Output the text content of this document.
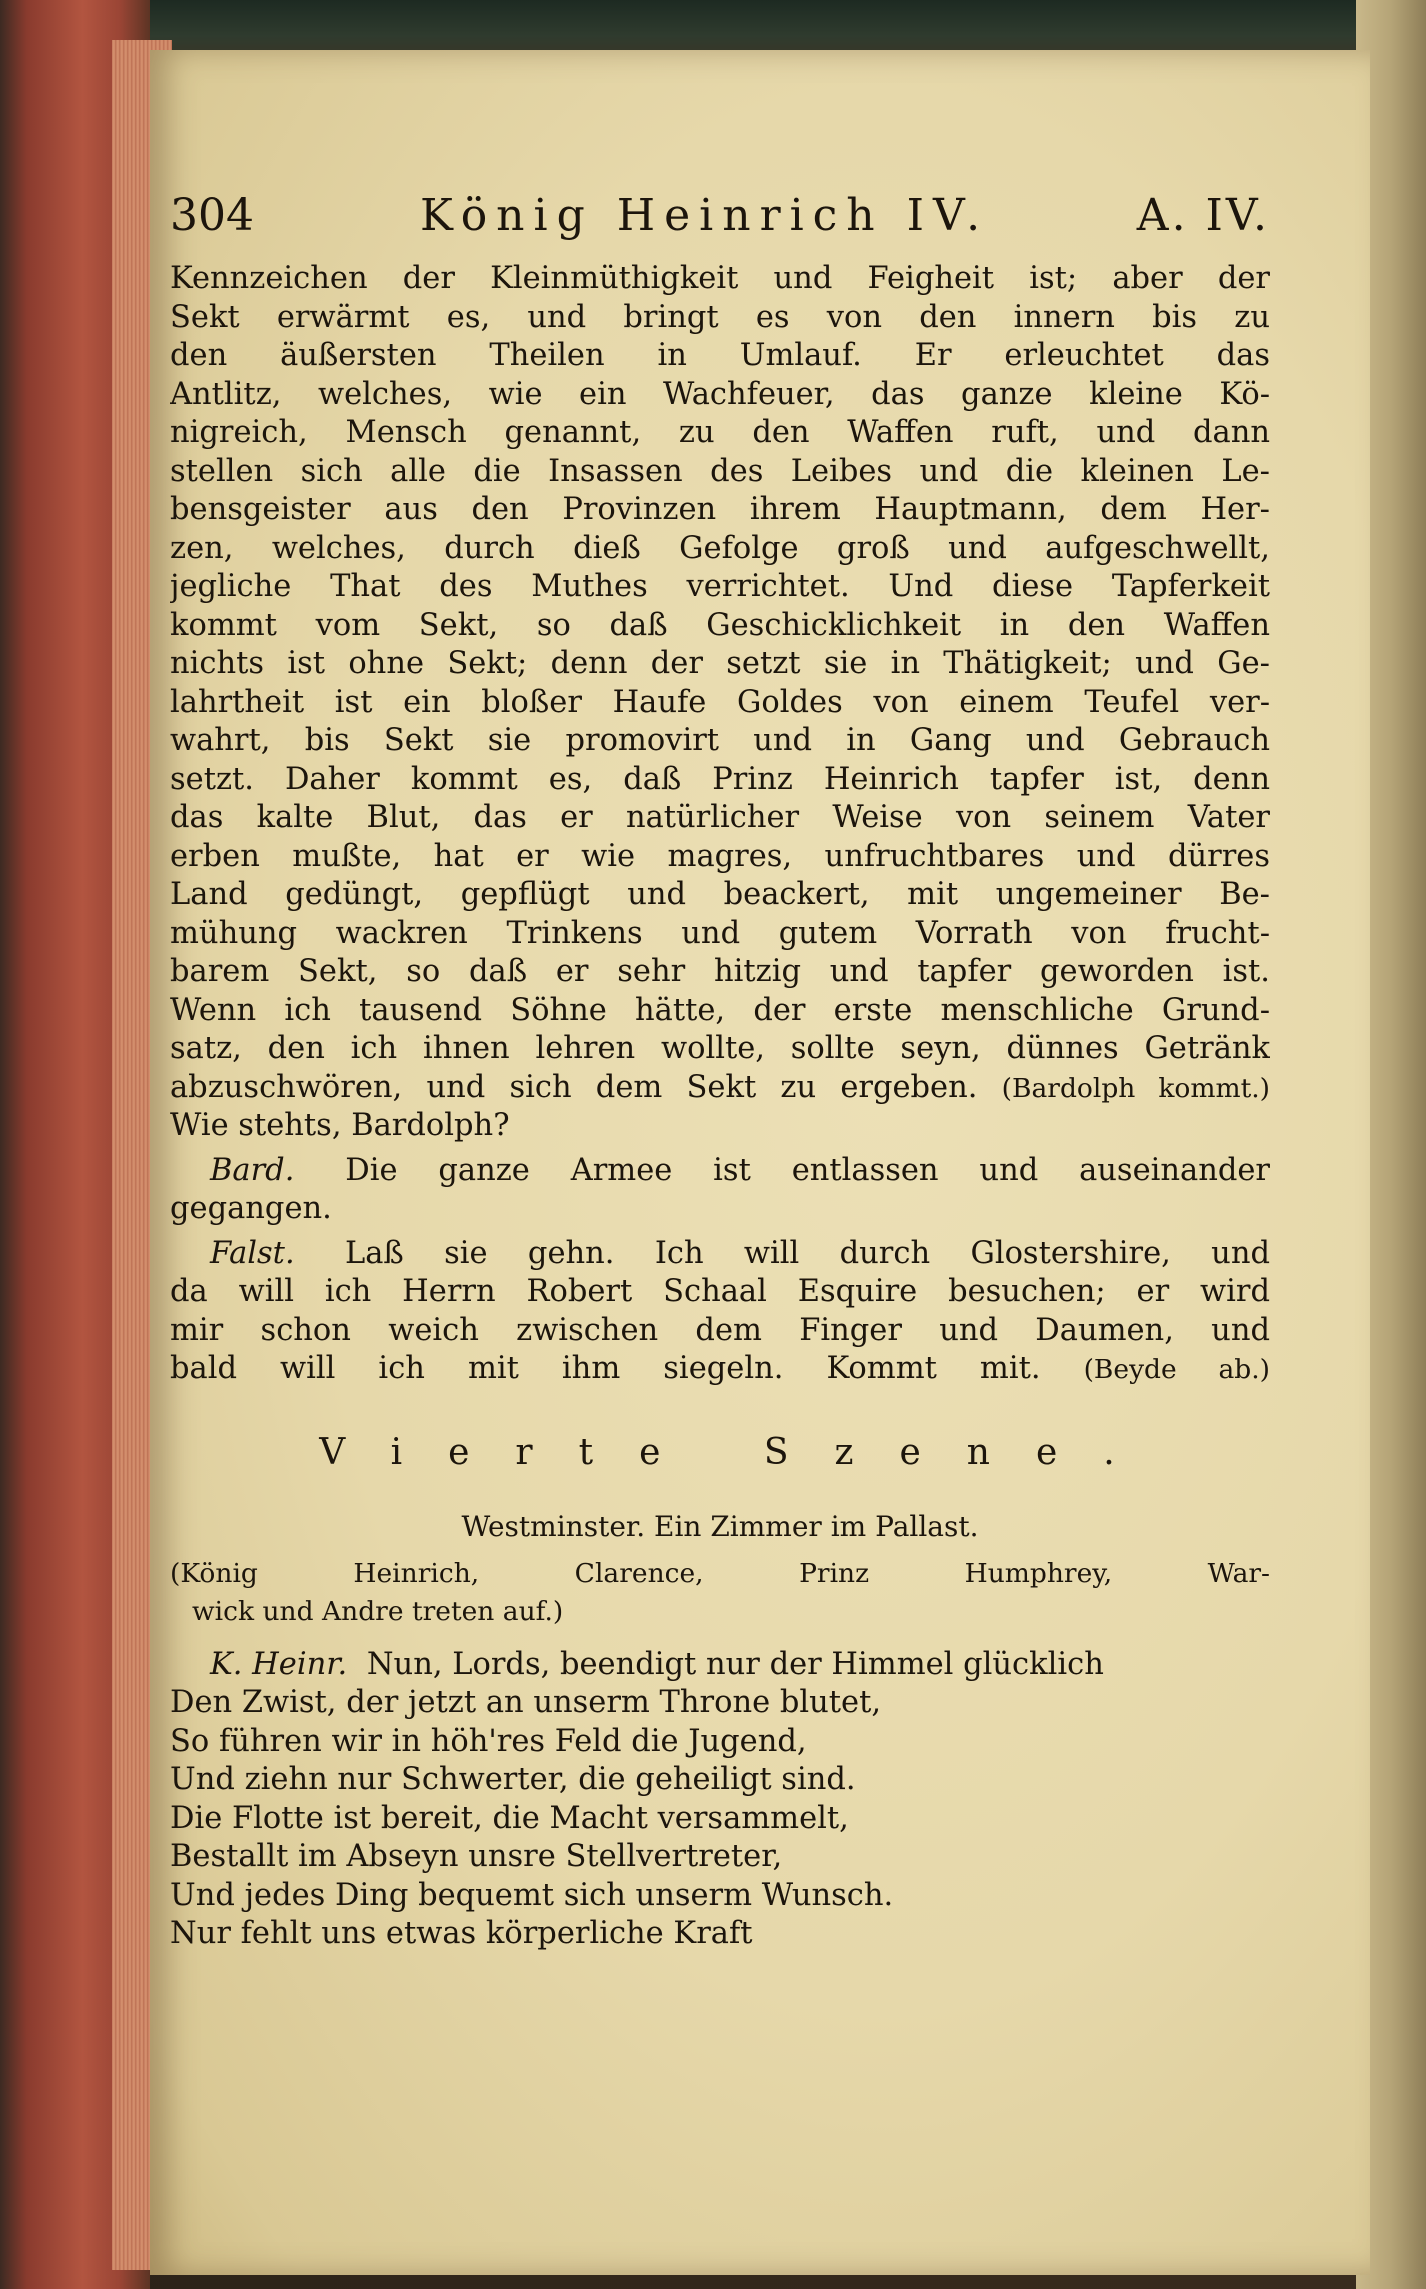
304	König Heinrich IV.	A. IV.
Kennzeichen der Kleinmüthigkeit und Feigheit ist; aber der
Sekt erwärmt es, und bringt es von den innern bis zu
den äußersten Theilen in Umlauf. Er erleuchtet das
Antlitz, welches, wie ein Wachfeuer, das ganze kleine Kö-
nigreich, Mensch genannt, zu den Waffen ruft, und dann
stellen sich alle die Insassen des Leibes und die kleinen Le-
bensgeister aus den Provinzen ihrem Hauptmann, dem Her-
zen, welches, durch dieß Gefolge groß und aufgeschwellt,
jegliche That des Muthes verrichtet. Und diese Tapferkeit
kommt vom Sekt, so daß Geschicklichkeit in den Waffen
nichts ist ohne Sekt; denn der setzt sie in Thätigkeit; und Ge-
lahrtheit ist ein bloßer Haufe Goldes von einem Teufel ver-
wahrt, bis Sekt sie promovirt und in Gang und Gebrauch
setzt. Daher kommt es, daß Prinz Heinrich tapfer ist, denn
das kalte Blut, das er natürlicher Weise von seinem Vater
erben mußte, hat er wie magres, unfruchtbares und dürres
Land gedüngt, gepflügt und beackert, mit ungemeiner Be-
mühung wackren Trinkens und gutem Vorrath von frucht-
barem Sekt, so daß er sehr hitzig und tapfer geworden ist.
Wenn ich tausend Söhne hätte, der erste menschliche Grund-
satz, den ich ihnen lehren wollte, sollte seyn, dünnes Getränk
abzuschwören, und sich dem Sekt zu ergeben. (Bardolph kommt.)
Wie stehts, Bardolph?
Bard. Die ganze Armee ist entlassen und auseinander
gegangen.
Falst. Laß sie gehn. Ich will durch Glostershire, und
da will ich Herrn Robert Schaal Esquire besuchen; er wird
mir schon weich zwischen dem Finger und Daumen, und
bald will ich mit ihm siegeln. Kommt mit. (Beyde ab.)
Vierte Szene.
Westminster. Ein Zimmer im Pallast.
(König Heinrich, Clarence, Prinz Humphrey, War-
wick und Andre treten auf.)
K. Heinr. Nun, Lords, beendigt nur der Himmel glücklich
Den Zwist, der jetzt an unserm Throne blutet,
So führen wir in höh'res Feld die Jugend,
Und ziehn nur Schwerter, die geheiligt sind.
Die Flotte ist bereit, die Macht versammelt,
Bestallt im Abseyn unsre Stellvertreter,
Und jedes Ding bequemt sich unserm Wunsch.
Nur fehlt uns etwas körperliche Kraft
